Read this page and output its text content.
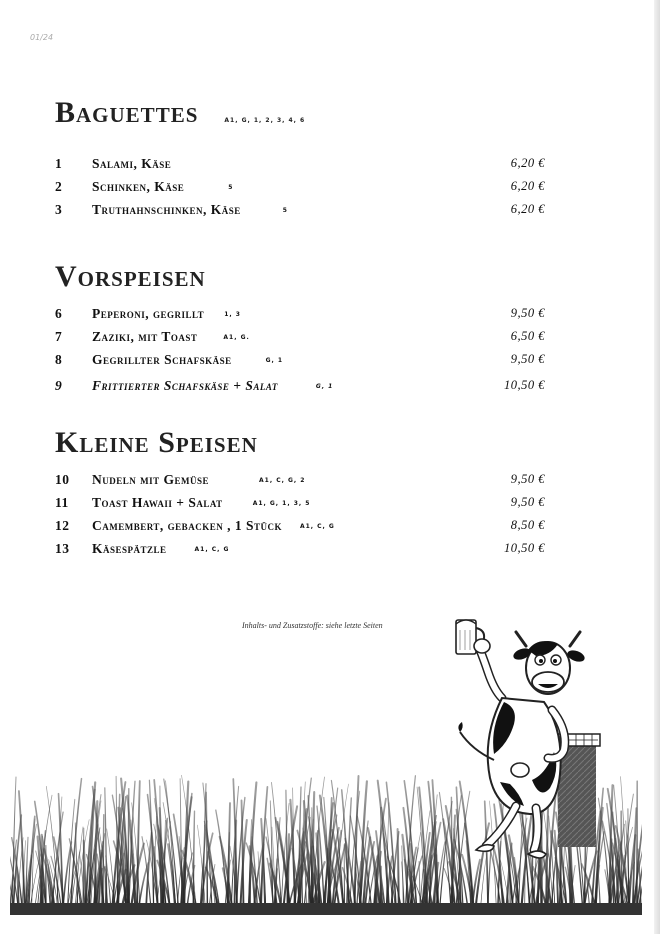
01/24
Baguettes	A1, G, 1, 2, 3, 4, 6
1	Salami, Käse	6,20 €
2	Schinken, Käse	5	6,20 €
3	Truthahnschinken, Käse	5	6,20 €
Vorspeisen
6	Peperoni, gegrillt	1, 3	9,50 €
7	Zaziki, mit Toast	A1, G.	6,50 €
8	Gegrillter Schafskäse	G, 1	9,50 €
9	Frittierter Schafskäse + Salat	G, 1	10,50 €
Kleine Speisen
10	Nudeln mit Gemüse	A1, C, G, 2	9,50 €
11	Toast Hawaii + Salat	A1, G, 1, 3, 5	9,50 €
12	Camembert, gebacken , 1 Stück	A1, C, G	8,50 €
13	Käsespätzle	A1, C, G	10,50 €
Inhalts- und Zusatzstoffe: siehe letzte Seiten
